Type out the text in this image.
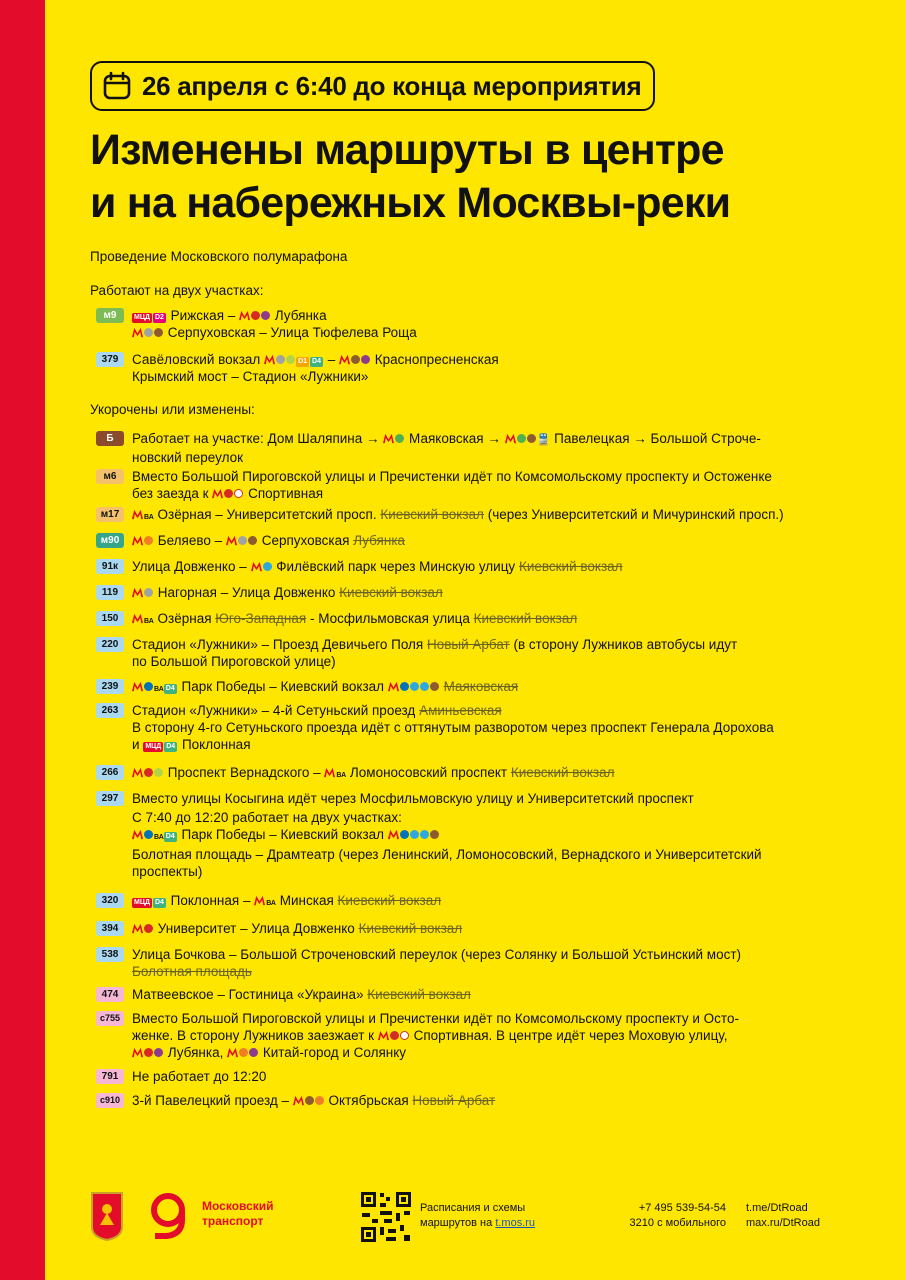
26 апреля с 6:40 до конца мероприятия
Изменены маршруты в центре
и на набережных Москвы-реки
Проведение Московского полумарафона
Работают на двух участках:
м9	МЦД D2 Рижская –	Лубянка
Серпуховская – Улица Тюфелева Роща
379	Савёловский вокзал	D1 D4 –	Краснопресненская
Крымский мост – Стадион «Лужники»
Укорочены или изменены:
Б	Работает на участке: Дом Шаляпина → Маяковская →	🚆 Павелецкая → Большой Строче-
новский переулок
м6	Вместо Большой Пироговской улицы и Пречистенки идёт по Комсомольскому проспекту и Остоженке
без заезда к	Спортивная
м17	ВА Озёрная – Университетский просп. Киевский вокзал (через Университетский и Мичуринский просп.)
м90	Беляево –	Серпуховская Лубянка
91к	Улица Довженко – Филёвский парк через Минскую улицу Киевский вокзал
119	Нагорная – Улица Довженко Киевский вокзал
150	ВА Озёрная Юго-Западная - Мосфильмовская улица Киевский вокзал
220	Стадион «Лужники» – Проезд Девичьего Поля Новый Арбат (в сторону Лужников автобусы идут
по Большой Пироговской улице)
239	ВА D4 Парк Победы – Киевский вокзал	Маяковская
263	Стадион «Лужники» – 4-й Сетуньский проезд Аминьевская
В сторону 4-го Сетуньского проезда идёт с оттянутым разворотом через проспект Генерала Дорохова
и МЦД D4 Поклонная
266	Проспект Вернадского – ВА Ломоносовский проспект Киевский вокзал
297	Вместо улицы Косыгина идёт через Мосфильмовскую улицу и Университетский проспект
С 7:40 до 12:20 работает на двух участках:
ВА D4 Парк Победы – Киевский вокзал
Болотная площадь – Драмтеатр (через Ленинский, Ломоносовский, Вернадского и Университетский
проспекты)
320	МЦД D4 Поклонная – ВА Минская Киевский вокзал
394	Университет – Улица Довженко Киевский вокзал
538	Улица Бочкова – Большой Строченовский переулок (через Солянку и Большой Устьинский мост)
Болотная площадь
474	Матвеевское – Гостиница «Украина» Киевский вокзал
с755 Вместо Большой Пироговской улицы и Пречистенки идёт по Комсомольскому проспекту и Осто-
женке. В сторону Лужников заезжает к	Спортивная. В центре идёт через Моховую улицу,
Лубянка,	Китай-город и Солянку
791	Не работает до 12:20
с910 3-й Павелецкий проезд –	Октябрьская Новый Арбат
Московский
транспорт
Расписания и схемы
маршрутов на t.mos.ru
+7 495 539-54-54
3210 с мобильного
t.me/DtRoad
max.ru/DtRoad
